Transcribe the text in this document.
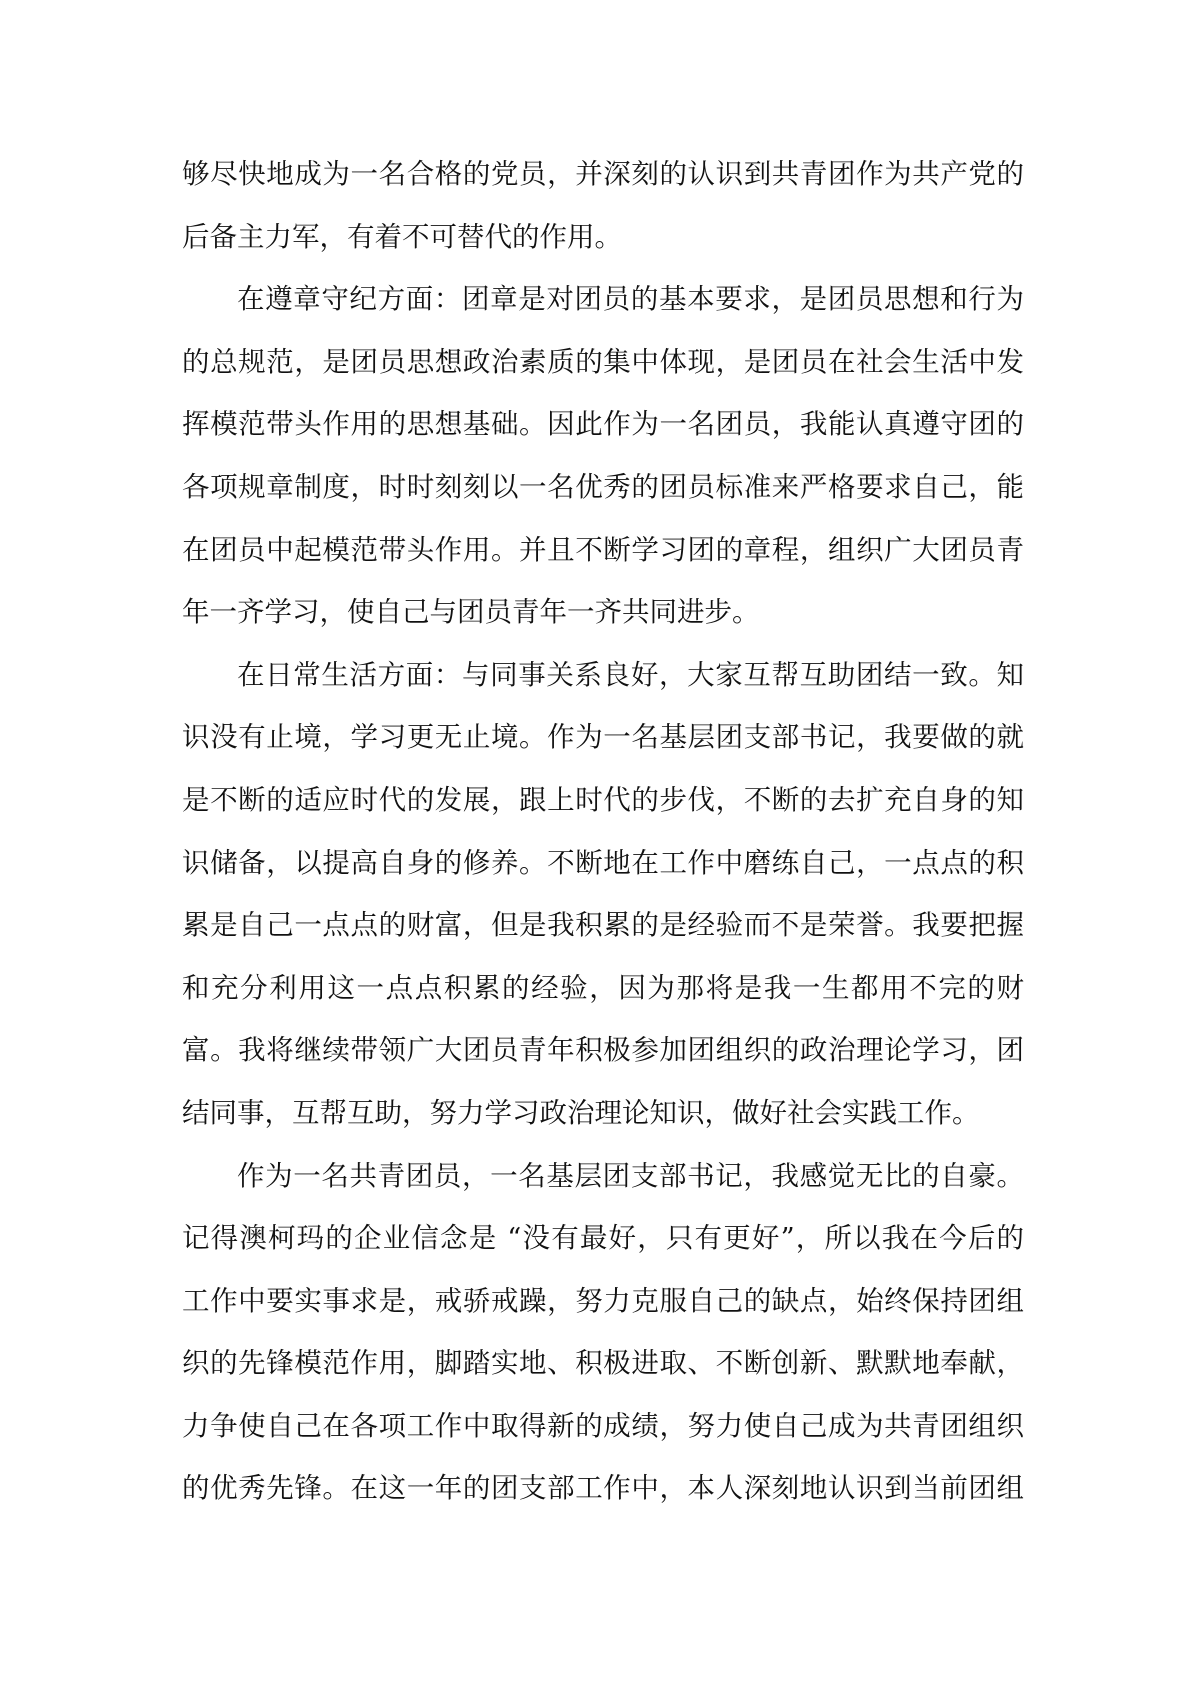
够尽快地成为一名合格的党员，并深刻的认识到共青团作为共产党的
后备主力军，有着不可替代的作用。
在遵章守纪方面：团章是对团员的基本要求，是团员思想和行为
的总规范，是团员思想政治素质的集中体现，是团员在社会生活中发
挥模范带头作用的思想基础。因此作为一名团员，我能认真遵守团的
各项规章制度，时时刻刻以一名优秀的团员标准来严格要求自己，能
在团员中起模范带头作用。并且不断学习团的章程，组织广大团员青
年一齐学习，使自己与团员青年一齐共同进步。
在日常生活方面：与同事关系良好，大家互帮互助团结一致。知
识没有止境，学习更无止境。作为一名基层团支部书记，我要做的就
是不断的适应时代的发展，跟上时代的步伐，不断的去扩充自身的知
识储备，以提高自身的修养。不断地在工作中磨练自己，一点点的积
累是自己一点点的财富，但是我积累的是经验而不是荣誉。我要把握
和充分利用这一点点积累的经验，因为那将是我一生都用不完的财
富。我将继续带领广大团员青年积极参加团组织的政治理论学习，团
结同事，互帮互助，努力学习政治理论知识，做好社会实践工作。
作为一名共青团员，一名基层团支部书记，我感觉无比的自豪。
记得澳柯玛的企业信念是 “没有最好，只有更好”，所以我在今后的
工作中要实事求是，戒骄戒躁，努力克服自己的缺点，始终保持团组
织的先锋模范作用，脚踏实地、积极进取、不断创新、默默地奉献，
力争使自己在各项工作中取得新的成绩，努力使自己成为共青团组织
的优秀先锋。在这一年的团支部工作中，本人深刻地认识到当前团组
